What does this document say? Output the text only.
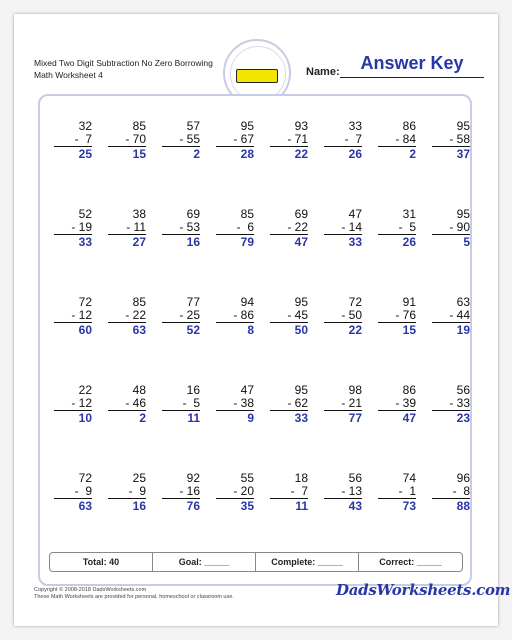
Mixed Two Digit Subtraction No Zero Borrowing
Math Worksheet 4	Name:	Answer Key
32
-  7
25
85
- 70
15
57
- 55
2
95
- 67
28
93
- 71
22
33
-  7
26
86
- 84
2
95
- 58
37
52
- 19
33
38
- 11
27
69
- 53
16
85
-  6
79
69
- 22
47
47
- 14
33
31
-  5
26
95
- 90
5
72
- 12
60
85
- 22
63
77
- 25
52
94
- 86
8
95
- 45
50
72
- 50
22
91
- 76
15
63
- 44
19
22
- 12
10
48
- 46
2
16
-  5
11
47
- 38
9
95
- 62
33
98
- 21
77
86
- 39
47
56
- 33
23
72
-  9
63
25
-  9
16
92
- 16
76
55
- 20
35
18
-  7
11
56
- 13
43
74
-  1
73
96
-  8
88
Total: 40	Goal: _____	Complete: _____	Correct: _____
Copyright © 2008-2018 DadsWorksheets.com
These Math Worksheets are provided for personal, homeschool or classroom use.	DadsWorksheets.com
